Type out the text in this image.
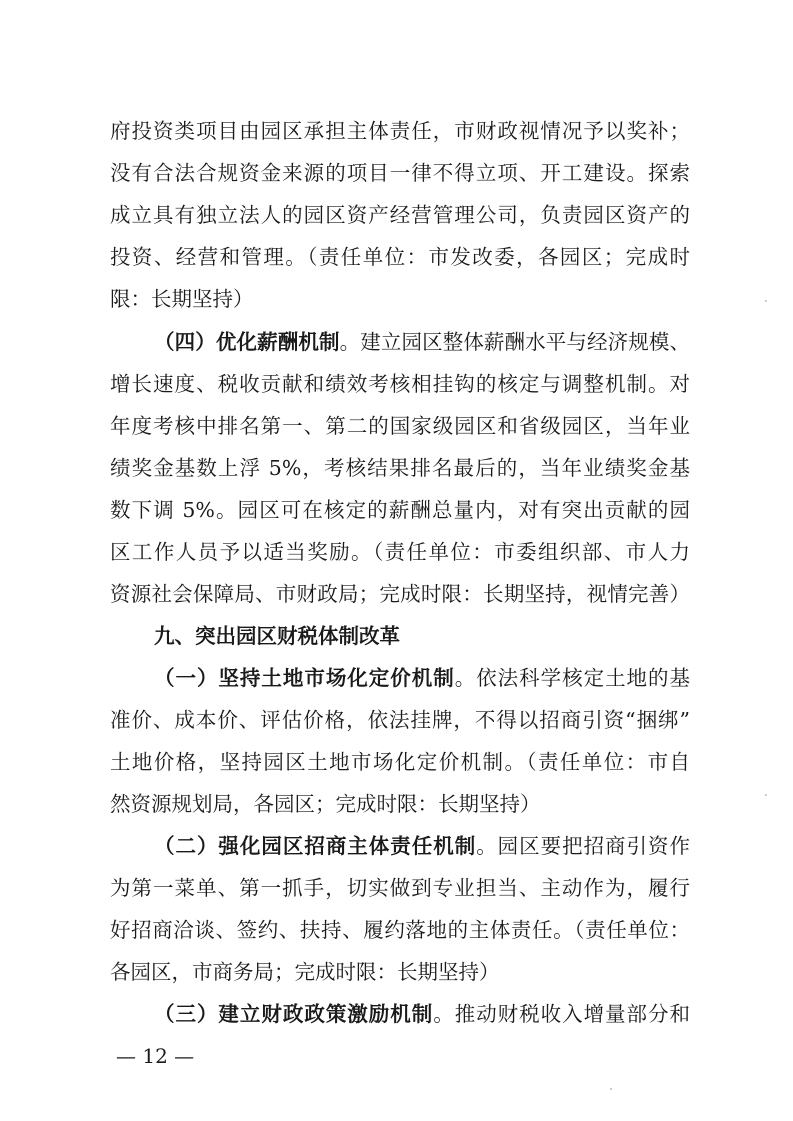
府投资类项目由园区承担主体责任，市财政视情况予以奖补；
没有合法合规资金来源的项目一律不得立项、开工建设。探索
成立具有独立法人的园区资产经营管理公司，负责园区资产的
投资、经营和管理。（责任单位：市发改委，各园区；完成时
限：长期坚持）
（四）优化薪酬机制。建立园区整体薪酬水平与经济规模、
增长速度、税收贡献和绩效考核相挂钩的核定与调整机制。对
年度考核中排名第一、第二的国家级园区和省级园区，当年业
绩奖金基数上浮 5%，考核结果排名最后的，当年业绩奖金基
数下调 5%。园区可在核定的薪酬总量内，对有突出贡献的园
区工作人员予以适当奖励。（责任单位：市委组织部、市人力
资源社会保障局、市财政局；完成时限：长期坚持，视情完善）
九、突出园区财税体制改革
（一）坚持土地市场化定价机制。依法科学核定土地的基
准价、成本价、评估价格，依法挂牌，不得以招商引资“捆绑”
土地价格，坚持园区土地市场化定价机制。（责任单位：市自
然资源规划局，各园区；完成时限：长期坚持）
（二）强化园区招商主体责任机制。园区要把招商引资作
为第一菜单、第一抓手，切实做到专业担当、主动作为，履行
好招商洽谈、签约、扶持、履约落地的主体责任。（责任单位：
各园区，市商务局；完成时限：长期坚持）
（三）建立财政政策激励机制。推动财税收入增量部分和
— 12 —
